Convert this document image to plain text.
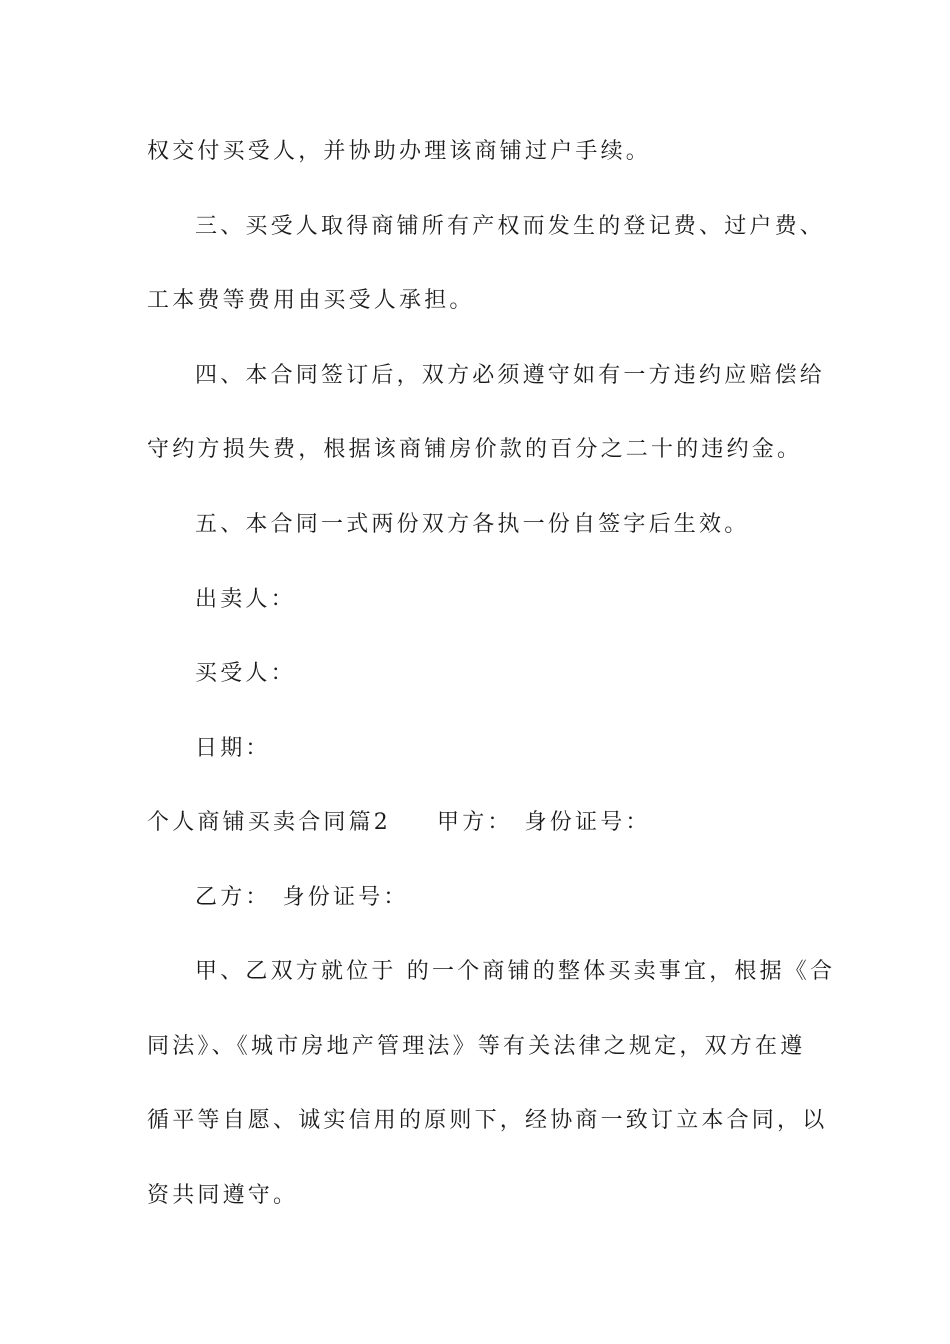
权交付买受人，并协助办理该商铺过户手续。
三、买受人取得商铺所有产权而发生的登记费、过户费、
工本费等费用由买受人承担。
四、本合同签订后，双方必须遵守如有一方违约应赔偿给
守约方损失费，根据该商铺房价款的百分之二十的违约金。
五、本合同一式两份双方各执一份自签字后生效。
出卖人：
买受人：
日期：
个人商铺买卖合同篇2 甲方： 身份证号：
乙方： 身份证号：
甲、乙双方就位于 的一个商铺的整体买卖事宜，根据《合
同法》、《城市房地产管理法》等有关法律之规定，双方在遵
循平等自愿、诚实信用的原则下，经协商一致订立本合同，以
资共同遵守。
